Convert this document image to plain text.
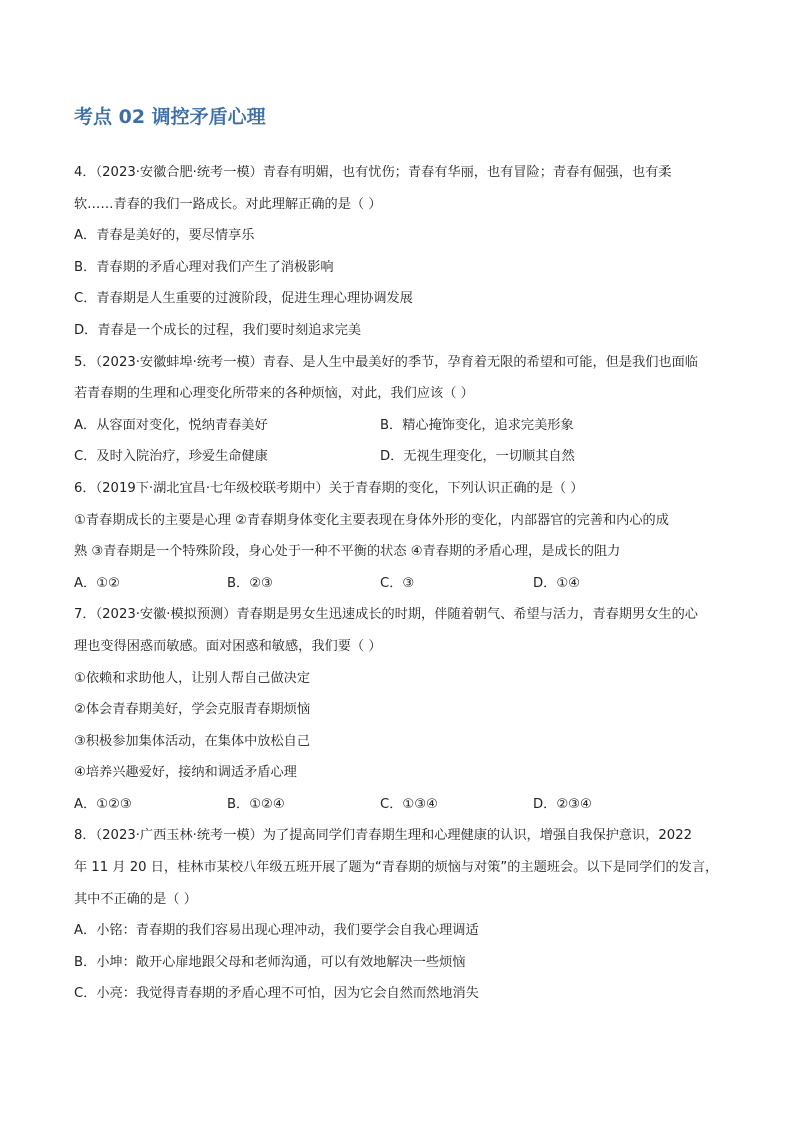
考点 02 调控矛盾心理
4．（2023·安徽合肥·统考一模）青春有明媚，也有忧伤；青春有华丽，也有冒险；青春有倔强，也有柔
软……青春的我们一路成长。对此理解正确的是（ ）
A．青春是美好的，要尽情享乐
B．青春期的矛盾心理对我们产生了消极影响
C．青春期是人生重要的过渡阶段，促进生理心理协调发展
D．青春是一个成长的过程，我们要时刻追求完美
5．（2023·安徽蚌埠·统考一模）青春、是人生中最美好的季节，孕育着无限的希望和可能，但是我们也面临
若青春期的生理和心理变化所带来的各种烦恼，对此，我们应该（ ）
A．从容面对变化，悦纳青春美好	B．精心掩饰变化，追求完美形象
C．及时入院治疗，珍爱生命健康	D．无视生理变化，一切顺其自然
6．（2019下·湖北宜昌·七年级校联考期中）关于青春期的变化，下列认识正确的是（ ）
①青春期成长的主要是心理 ②青春期身体变化主要表现在身体外形的变化，内部器官的完善和内心的成
熟 ③青春期是一个特殊阶段，身心处于一种不平衡的状态 ④青春期的矛盾心理，是成长的阻力
A．①②	B．②③	C．③	D．①④
7．（2023·安徽·模拟预测）青春期是男女生迅速成长的时期，伴随着朝气、希望与活力，青春期男女生的心
理也变得困惑而敏感。面对困惑和敏感，我们要（ ）
①依赖和求助他人，让别人帮自己做决定
②体会青春期美好，学会克服青春期烦恼
③积极参加集体活动，在集体中放松自己
④培养兴趣爱好，接纳和调适矛盾心理
A．①②③	B．①②④	C．①③④	D．②③④
8．（2023·广西玉林·统考一模）为了提高同学们青春期生理和心理健康的认识，增强自我保护意识，2022
年 11 月 20 日，桂林市某校八年级五班开展了题为“青春期的烦恼与对策”的主题班会。以下是同学们的发言，
其中不正确的是（ ）
A．小铭：青春期的我们容易出现心理冲动，我们要学会自我心理调适
B．小坤：敞开心扉地跟父母和老师沟通，可以有效地解决一些烦恼
C．小亮：我觉得青春期的矛盾心理不可怕，因为它会自然而然地消失
